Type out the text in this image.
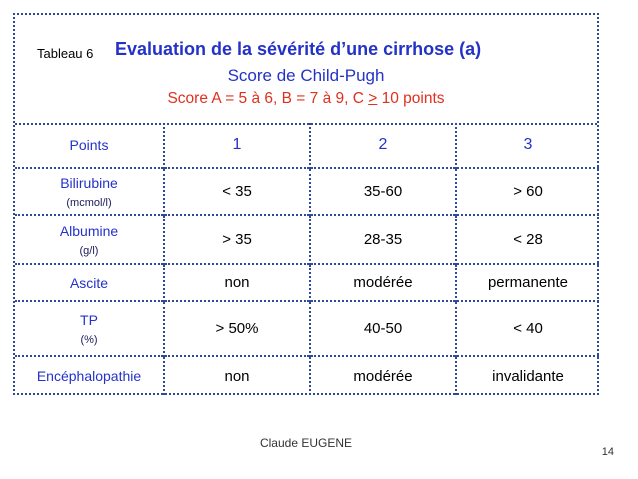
Tableau 6 Evaluation de la sévérité d’une cirrhose (a)
Score de Child-Pugh
Score A = 5 à 6, B = 7 à 9, C > 10 points
Points	1	2	3
Bilirubine
(mcmol/l)	< 35	35-60	> 60
Albumine
(g/l)	> 35	28-35	< 28
Ascite	non	modérée	permanente
TP
(%)	> 50%	40-50	< 40
Encéphalopathie	non	modérée	invalidante
Claude EUGENE
14
